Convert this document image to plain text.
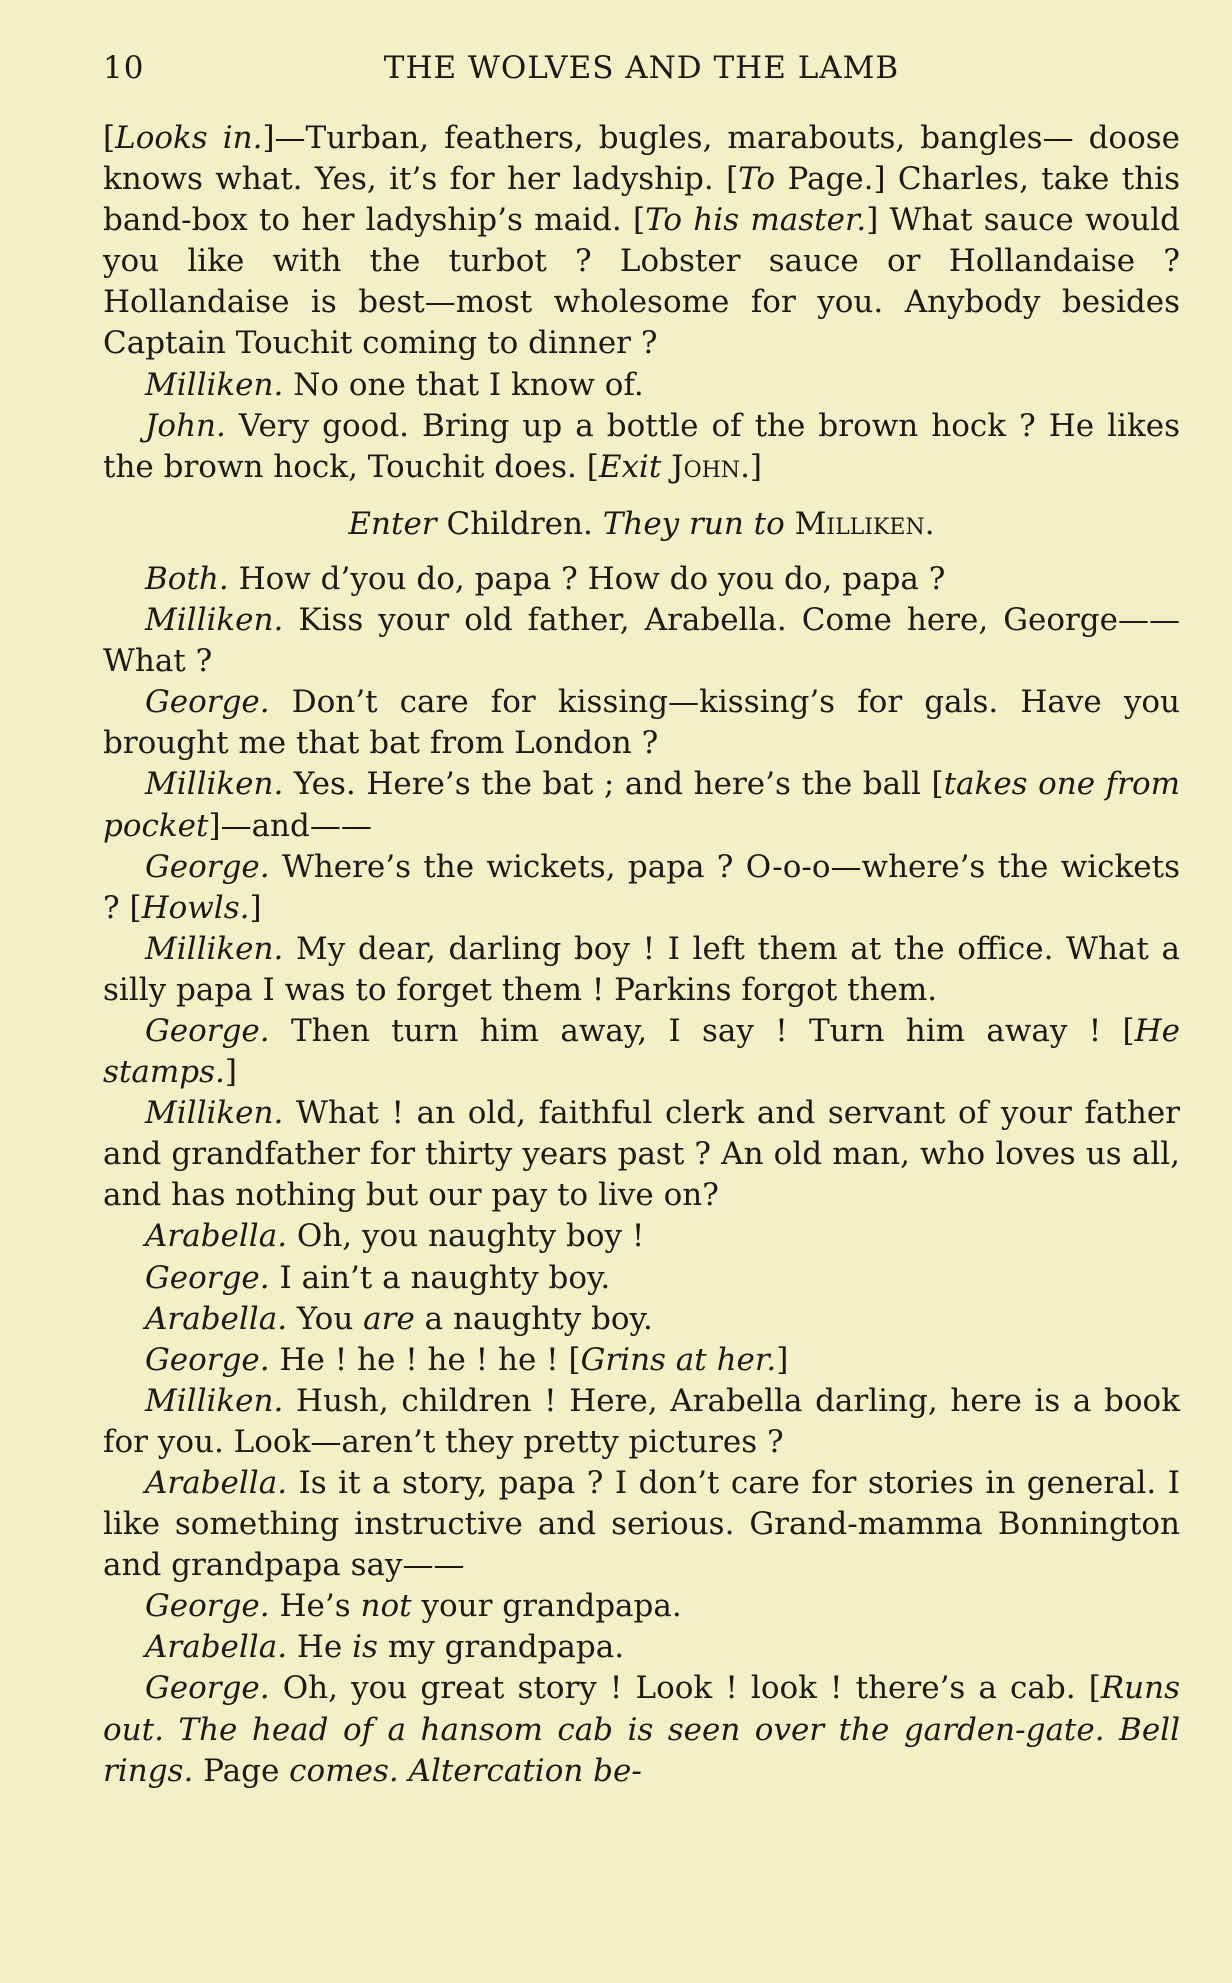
10	THE WOLVES AND THE LAMB

[Looks in.]—Turban, feathers, bugles, marabouts, bangles— doose knows what. Yes, it’s for her ladyship. [To Page.] Charles, take this band-box to her ladyship’s maid. [To his master.] What sauce would you like with the turbot ? Lobster sauce or Hollandaise ? Hollandaise is best—most wholesome for you. Anybody besides Captain Touchit coming to dinner ?

Milliken. No one that I know of.

John. Very good. Bring up a bottle of the brown hock ? He likes the brown hock, Touchit does. [Exit John.]

Enter Children. They run to Milliken.

Both. How d’you do, papa ? How do you do, papa ?

Milliken. Kiss your old father, Arabella. Come here, George——What ?

George. Don’t care for kissing—kissing’s for gals. Have you brought me that bat from London ?

Milliken. Yes. Here’s the bat ; and here’s the ball [takes one from pocket]—and——

George. Where’s the wickets, papa ? O-o-o—where’s the wickets ? [Howls.]

Milliken. My dear, darling boy ! I left them at the office. What a silly papa I was to forget them ! Parkins forgot them.

George. Then turn him away, I say ! Turn him away ! [He stamps.]

Milliken. What ! an old, faithful clerk and servant of your father and grandfather for thirty years past ? An old man, who loves us all, and has nothing but our pay to live on?

Arabella. Oh, you naughty boy !

George. I ain’t a naughty boy.

Arabella. You are a naughty boy.

George. He ! he ! he ! he ! [Grins at her.]

Milliken. Hush, children ! Here, Arabella darling, here is a book for you. Look—aren’t they pretty pictures ?

Arabella. Is it a story, papa ? I don’t care for stories in general. I like something instructive and serious. Grand-mamma Bonnington and grandpapa say——

George. He’s not your grandpapa.

Arabella. He is my grandpapa.

George. Oh, you great story ! Look ! look ! there’s a cab. [Runs out. The head of a hansom cab is seen over the garden-gate. Bell rings. Page comes. Altercation be-
